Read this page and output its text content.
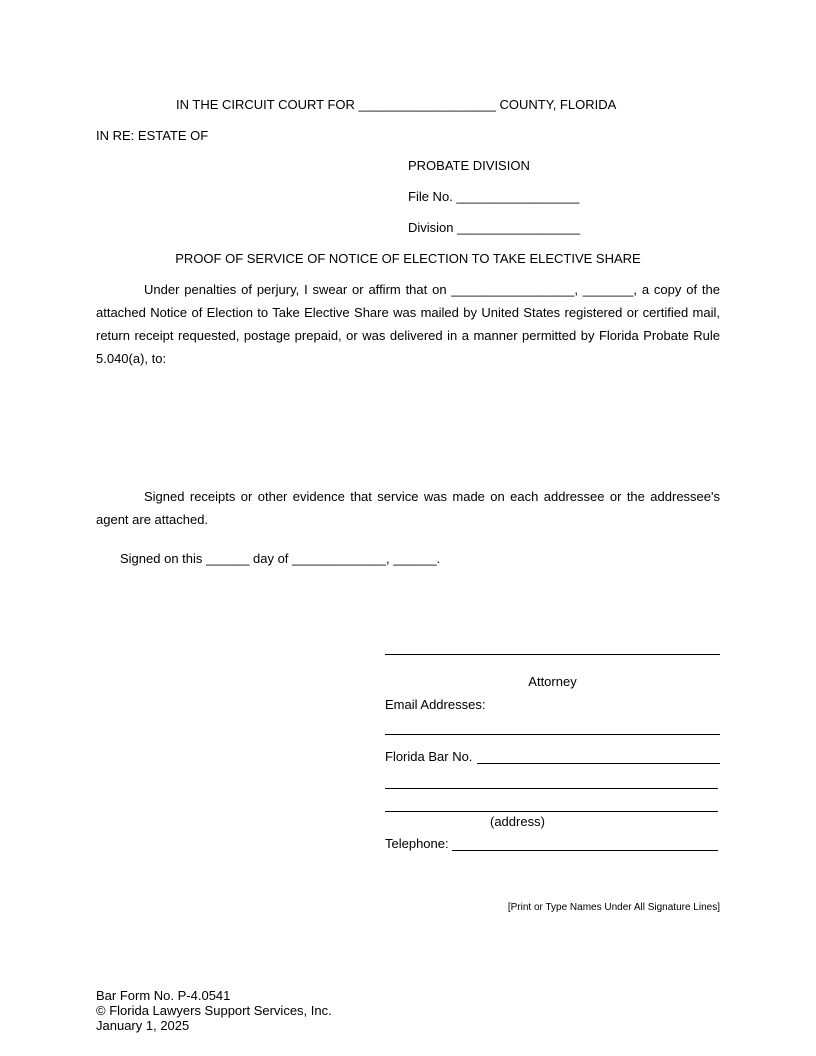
IN THE CIRCUIT COURT FOR ___________________ COUNTY, FLORIDA
IN RE: ESTATE OF
PROBATE DIVISION
File No. _________________
Division _________________
PROOF OF SERVICE OF NOTICE OF ELECTION TO TAKE ELECTIVE SHARE
Under penalties of perjury, I swear or affirm that on _________________, _______, a copy of the attached Notice of Election to Take Elective Share was mailed by United States registered or certified mail, return receipt requested, postage prepaid, or was delivered in a manner permitted by Florida Probate Rule 5.040(a), to:
Signed receipts or other evidence that service was made on each addressee or the addressee's agent are attached.
Signed on this ______ day of _____________, ______.
Attorney
Email Addresses:
Florida Bar No.
(address)
Telephone:
[Print or Type Names Under All Signature Lines]
Bar Form No. P-4.0541
© Florida Lawyers Support Services, Inc.
January 1, 2025
